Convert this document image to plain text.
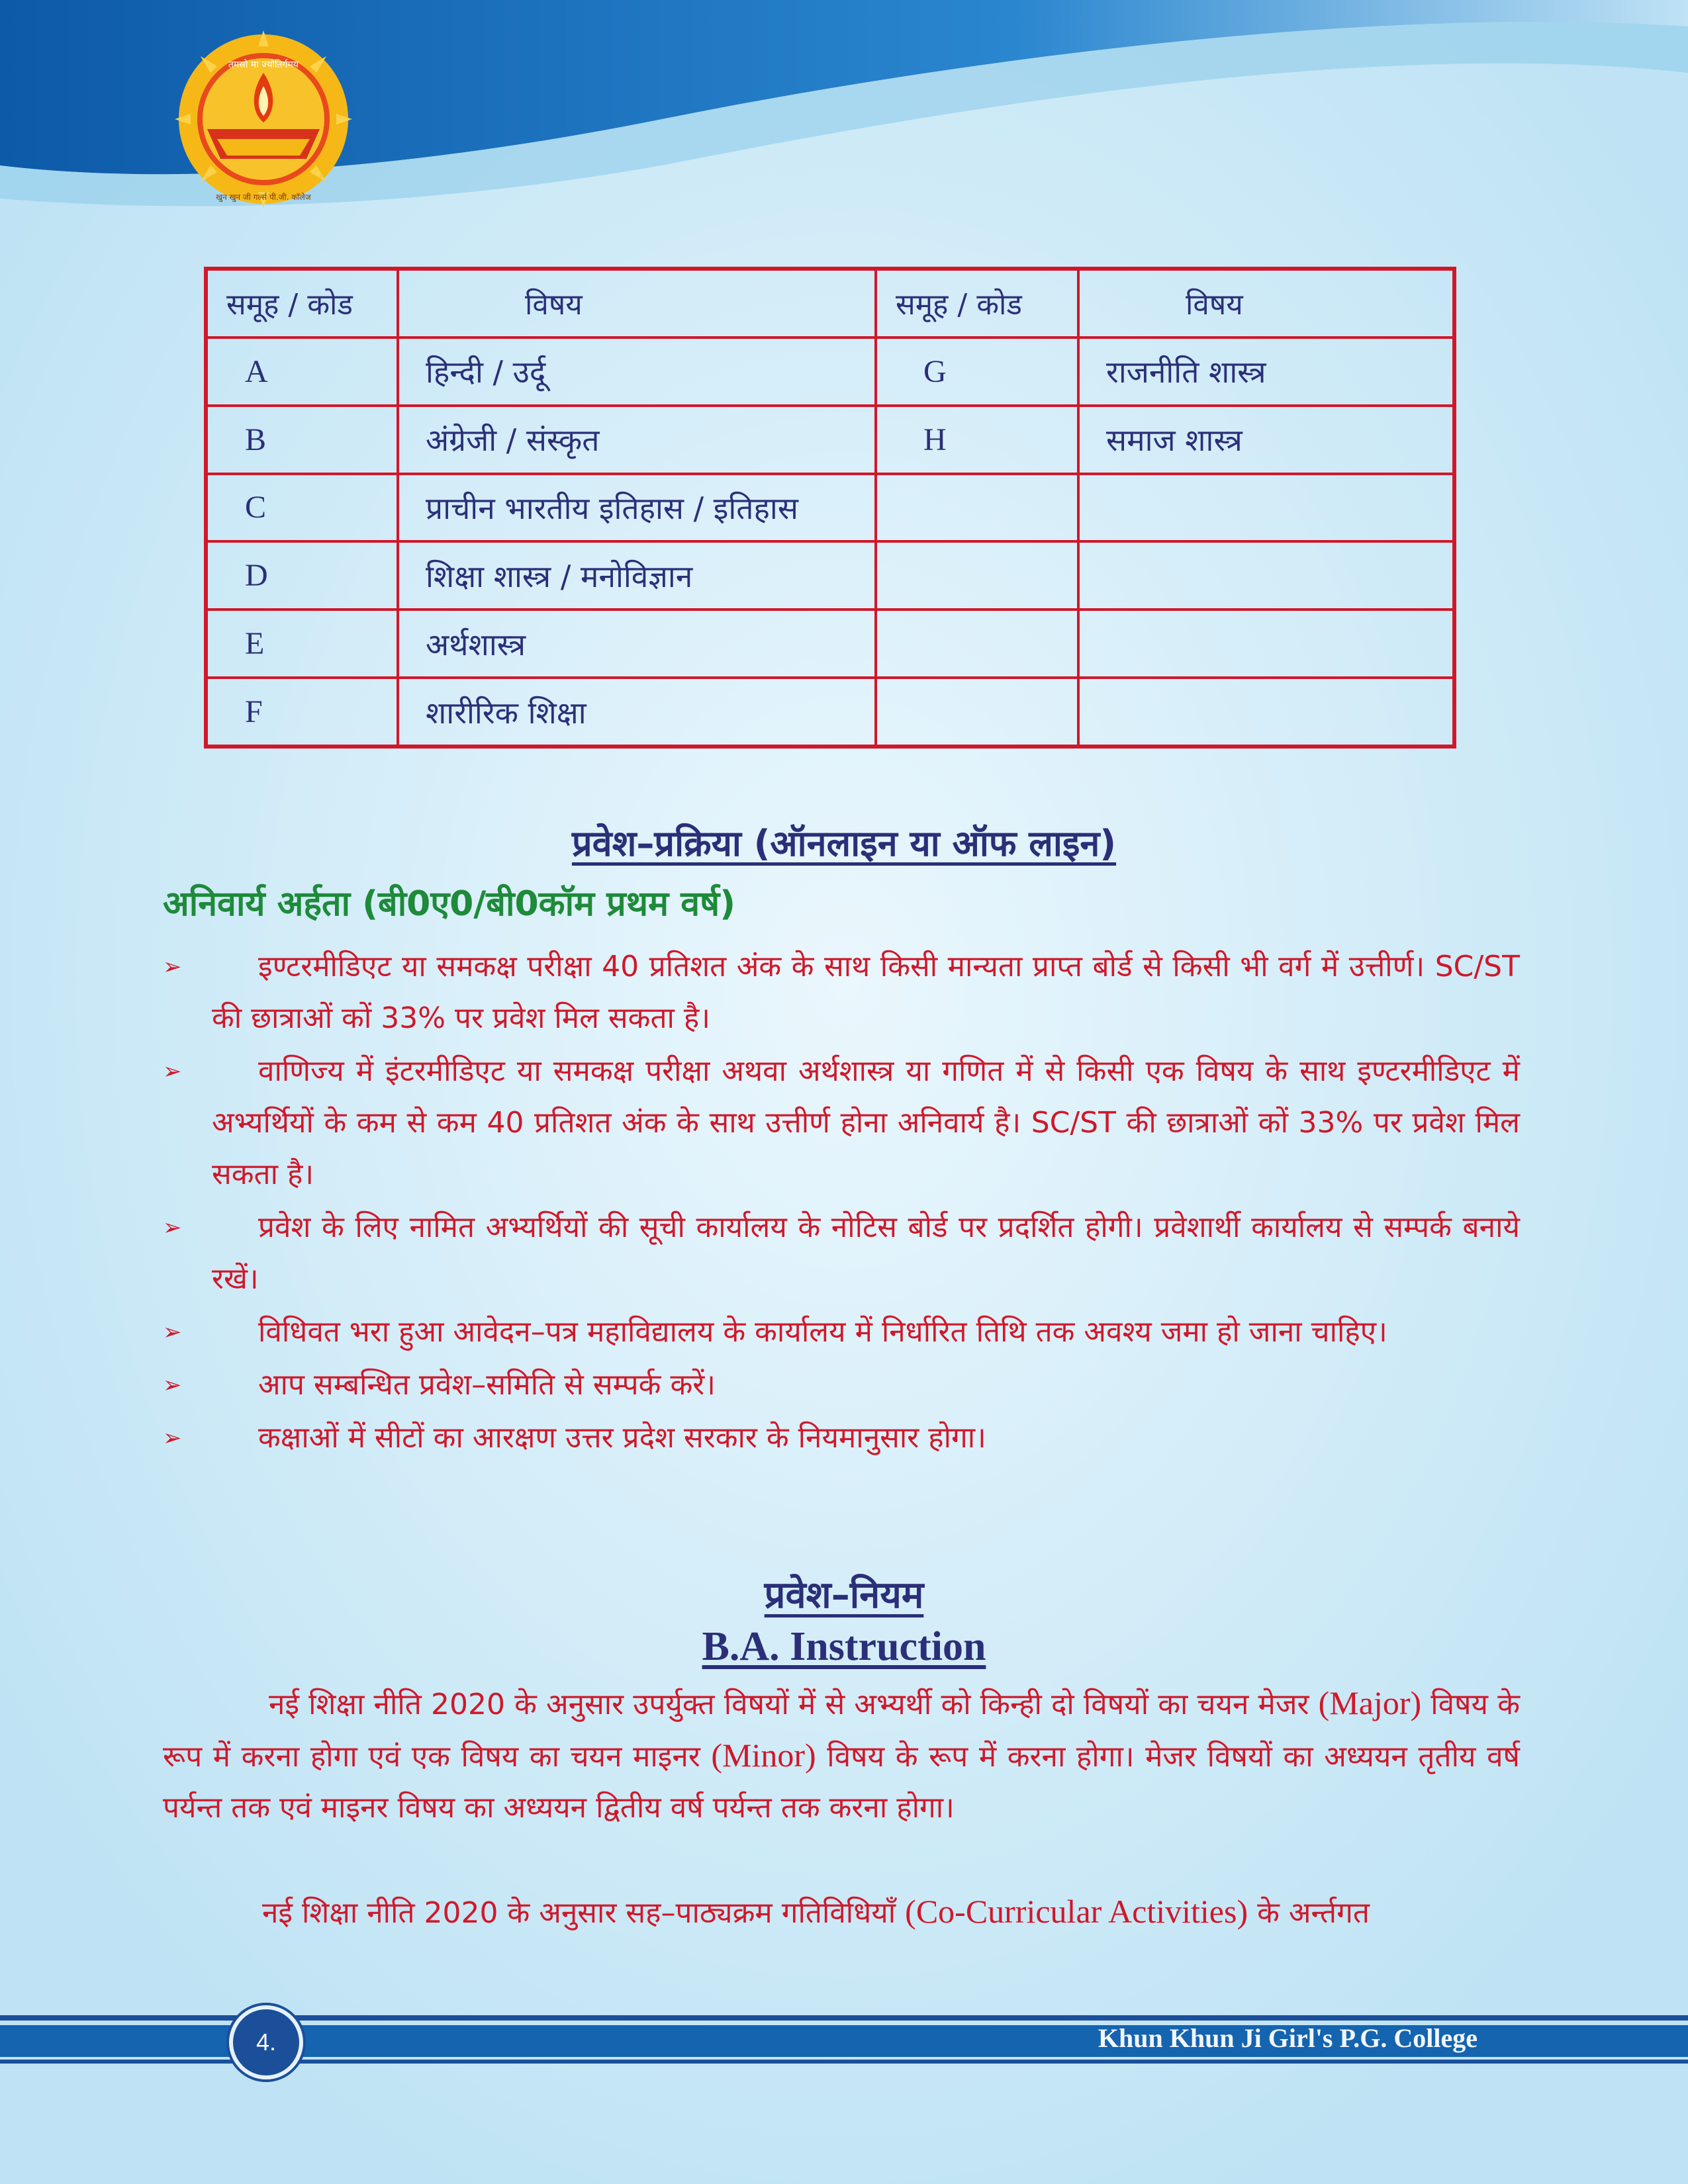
तमसो मा ज्योतिर्गमय
खुन खुन जी गर्ल्स पी.जी. कॉलेज
समूह / कोड	विषय	समूह / कोड	विषय
A	हिन्दी / उर्दू	G	राजनीति शास्त्र
B	अंग्रेजी / संस्कृत	H	समाज शास्त्र
C	प्राचीन भारतीय इतिहास / इतिहास		
D	शिक्षा शास्त्र / मनोविज्ञान		
E	अर्थशास्त्र		
F	शारीरिक शिक्षा		
प्रवेश–प्रक्रिया (ऑनलाइन या ऑफ लाइन)
अनिवार्य अर्हता (बी0ए0/बी0कॉम प्रथम वर्ष)
➢	इण्टरमीडिएट या समकक्ष परीक्षा 40 प्रतिशत अंक के साथ किसी मान्यता प्राप्त बोर्ड से किसी भी वर्ग में उत्तीर्ण। SC/ST की छात्राओं कों 33% पर प्रवेश मिल सकता है।
➢	वाणिज्य में इंटरमीडिएट या समकक्ष परीक्षा अथवा अर्थशास्त्र या गणित में से किसी एक विषय के साथ इण्टरमीडिएट में अभ्यर्थियों के कम से कम 40 प्रतिशत अंक के साथ उत्तीर्ण होना अनिवार्य है। SC/ST की छात्राओं कों 33% पर प्रवेश मिल सकता है।
➢	प्रवेश के लिए नामित अभ्यर्थियों की सूची कार्यालय के नोटिस बोर्ड पर प्रदर्शित होगी। प्रवेशार्थी कार्यालय से सम्पर्क बनाये रखें।
➢	विधिवत भरा हुआ आवेदन–पत्र महाविद्यालय के कार्यालय में निर्धारित तिथि तक अवश्य जमा हो जाना चाहिए।
➢	आप सम्बन्धित प्रवेश–समिति से सम्पर्क करें।
➢	कक्षाओं में सीटों का आरक्षण उत्तर प्रदेश सरकार के नियमानुसार होगा।
प्रवेश–नियम
B.A. Instruction

नई शिक्षा नीति 2020 के अनुसार उपर्युक्त विषयों में से अभ्यर्थी को किन्ही दो विषयों का चयन मेजर (Major) विषय के रूप में करना होगा एवं एक विषय का चयन माइनर (Minor) विषय के रूप में करना होगा। मेजर विषयों का अध्ययन तृतीय वर्ष पर्यन्त तक एवं माइनर विषय का अध्ययन द्वितीय वर्ष पर्यन्त तक करना होगा।

नई शिक्षा नीति 2020 के अनुसार सह–पाठ्यक्रम गतिविधियाँ (Co-Curricular Activities) के अर्न्तगत

4.	Khun Khun Ji Girl's P.G. College
